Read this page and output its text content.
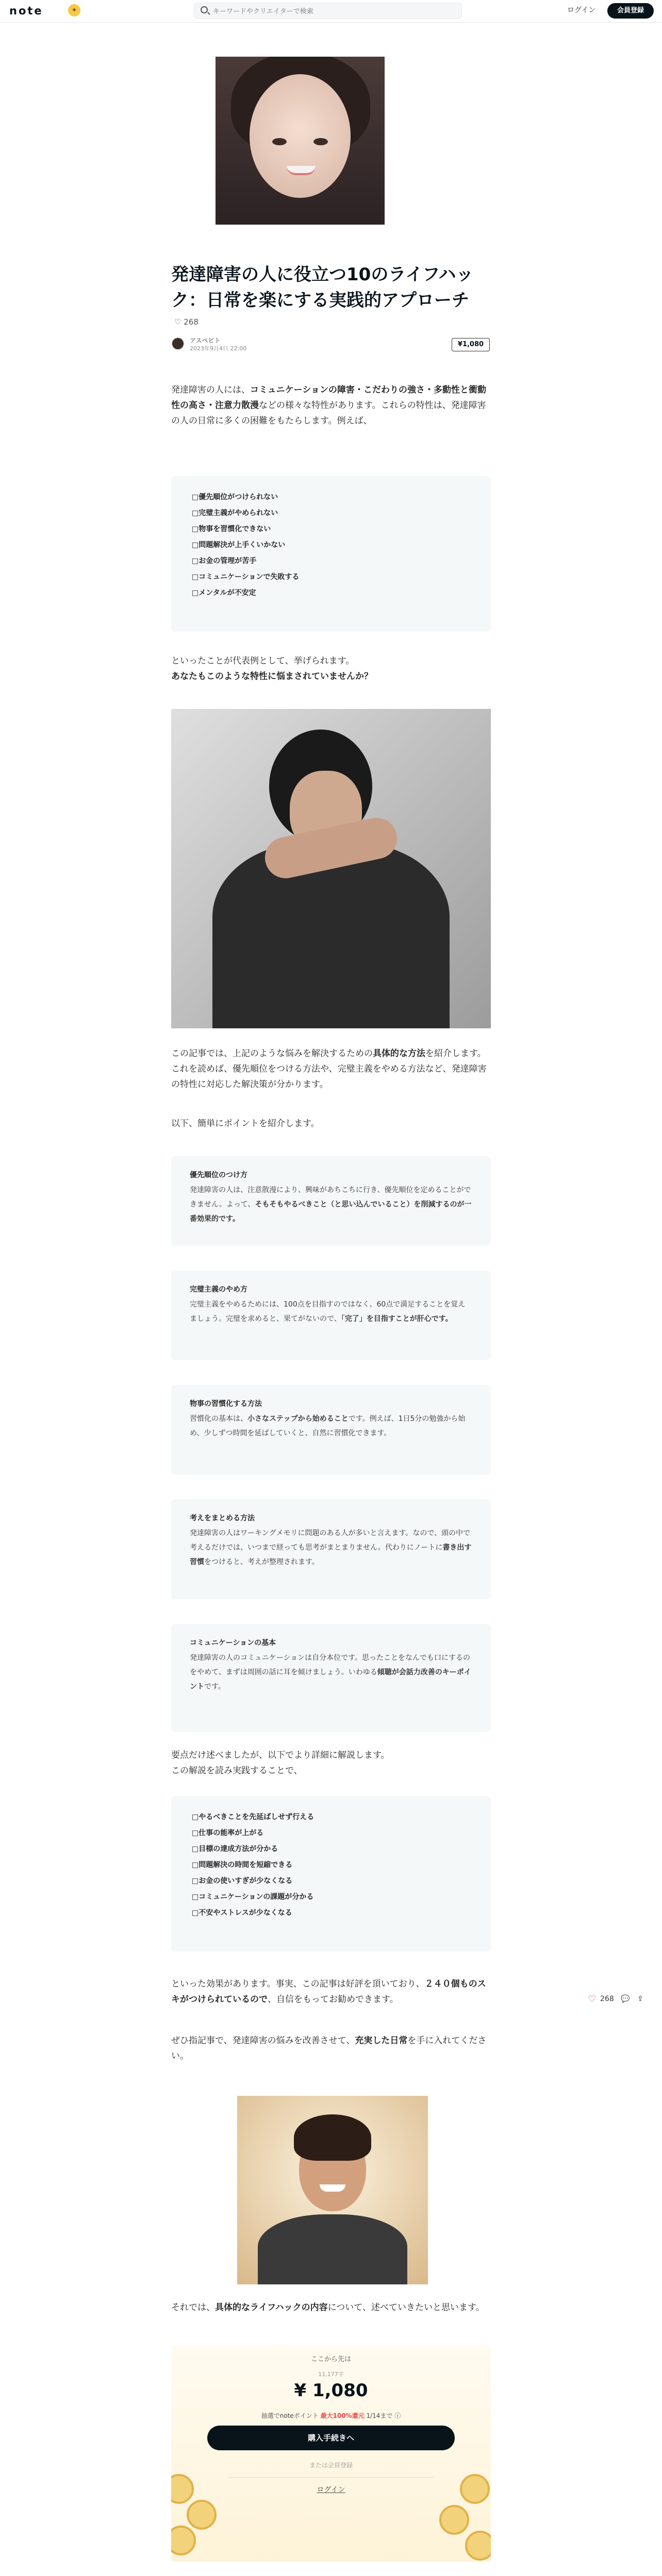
note	✦
キーワードやクリエイターで検索	ログイン	会員登録
発達障害の人に役立つ10のライフハック：日常を楽にする実践的アプローチ
♡ 268
アスペビト
2023年9月4日 22:00
¥1,080

発達障害の人には、コミュニケーションの障害・こだわりの強さ・多動性と衝動性の高さ・注意力散漫などの様々な特性があります。これらの特性は、発達障害の人の日常に多くの困難をもたらします。例えば、

□優先順位がつけられない
□完璧主義がやめられない
□物事を習慣化できない
□問題解決が上手くいかない
□お金の管理が苦手
□コミュニケーションで失敗する
□メンタルが不安定

といったことが代表例として、挙げられます。

あなたもこのような特性に悩まされていませんか？

この記事では、上記のような悩みを解決するための具体的な方法を紹介します。これを読めば、優先順位をつける方法や、完璧主義をやめる方法など、発達障害の特性に対応した解決策が分かります。

以下、簡単にポイントを紹介します。

優先順位のつけ方

発達障害の人は、注意散漫により、興味があちこちに行き、優先順位を定めることができません。よって、そもそもやるべきこと（と思い込んでいること）を削減するのが一番効果的です。

完璧主義のやめ方

完璧主義をやめるためには、100点を目指すのではなく、60点で満足することを覚えましょう。完璧を求めると、果てがないので、「完了」を目指すことが肝心です。

物事の習慣化する方法

習慣化の基本は、小さなステップから始めることです。例えば、1日5分の勉強から始め、少しずつ時間を延ばしていくと、自然に習慣化できます。

考えをまとめる方法

発達障害の人はワーキングメモリに問題のある人が多いと言えます。なので、頭の中で考えるだけでは、いつまで経っても思考がまとまりません。代わりにノートに書き出す習慣をつけると、考えが整理されます。

コミュニケーションの基本

発達障害の人のコミュニケーションは自分本位です。思ったことをなんでも口にするのをやめて、まずは周囲の話に耳を傾けましょう。いわゆる傾聴が会話力改善のキーポイントです。

要点だけ述べましたが、以下でより詳細に解説します。

この解説を読み実践することで、

□やるべきことを先延ばしせず行える
□仕事の能率が上がる
□目標の達成方法が分かる
□問題解決の時間を短縮できる
□お金の使いすぎが少なくなる
□コミュニケーションの課題が分かる
□不安やストレスが少なくなる

といった効果があります。事実、この記事は好評を頂いており、２４０個ものスキがつけられているので、自信をもってお勧めできます。

ぜひ指記事で、発達障害の悩みを改善させて、充実した日常を手に入れてください。

それでは、具体的なライフハックの内容について、述べていきたいと思います。

ここから先は
11,177字
¥ 1,080
抽選でnoteポイント 最大100%還元 1/14まで ⓘ
購入手続きへ
または会員登録
ログイン

♡ 268 💬 ⇪
